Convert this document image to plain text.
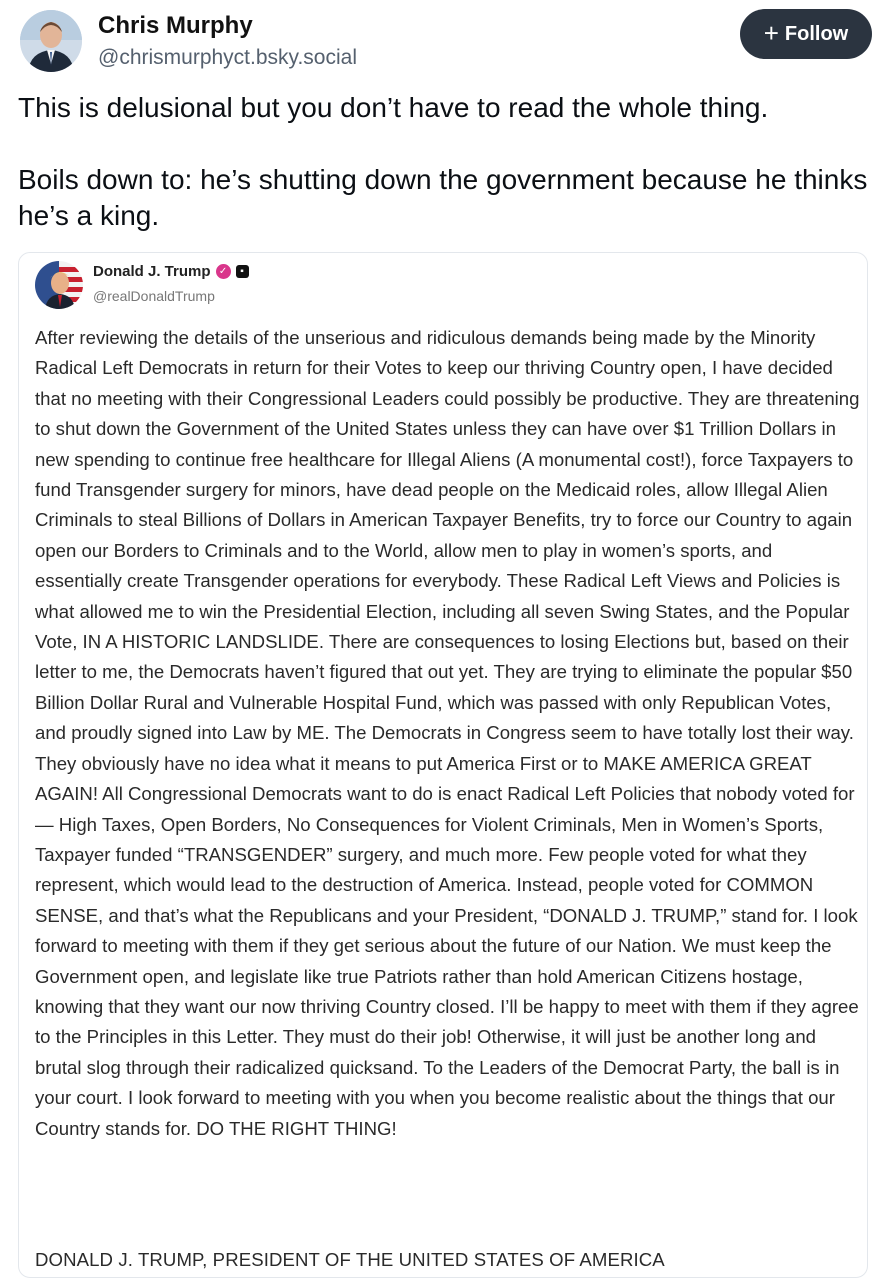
Chris Murphy
@chrismurphyct.bsky.social
+ Follow

This is delusional but you don’t have to read the whole thing.

Boils down to: he’s shutting down the government because he thinks he’s a king.

Donald J. Trump ✓	▪
@realDonaldTrump
After reviewing the details of the unserious and ridiculous demands being made by the Minority Radical Left Democrats in return for their Votes to keep our thriving Country open, I have decided that no meeting with their Congressional Leaders could possibly be productive. They are threatening to shut down the Government of the United States unless they can have over $1 Trillion Dollars in new spending to continue free healthcare for Illegal Aliens (A monumental cost!), force Taxpayers to fund Transgender surgery for minors, have dead people on the Medicaid roles, allow Illegal Alien Criminals to steal Billions of Dollars in American Taxpayer Benefits, try to force our Country to again open our Borders to Criminals and to the World, allow men to play in women’s sports, and essentially create Transgender operations for everybody. These Radical Left Views and Policies is what allowed me to win the Presidential Election, including all seven Swing States, and the Popular Vote, IN A HISTORIC LANDSLIDE. There are consequences to losing Elections but, based on their letter to me, the Democrats haven’t figured that out yet. They are trying to eliminate the popular $50 Billion Dollar Rural and Vulnerable Hospital Fund, which was passed with only Republican Votes, and proudly signed into Law by ME. The Democrats in Congress seem to have totally lost their way. They obviously have no idea what it means to put America First or to MAKE AMERICA GREAT AGAIN! All Congressional Democrats want to do is enact Radical Left Policies that nobody voted for — High Taxes, Open Borders, No Consequences for Violent Criminals, Men in Women’s Sports, Taxpayer funded “TRANSGENDER” surgery, and much more. Few people voted for what they represent, which would lead to the destruction of America. Instead, people voted for COMMON SENSE, and that’s what the Republicans and your President, “DONALD J. TRUMP,” stand for. I look forward to meeting with them if they get serious about the future of our Nation. We must keep the Government open, and legislate like true Patriots rather than hold American Citizens hostage, knowing that they want our now thriving Country closed. I’ll be happy to meet with them if they agree to the Principles in this Letter. They must do their job! Otherwise, it will just be another long and brutal slog through their radicalized quicksand. To the Leaders of the Democrat Party, the ball is in your court. I look forward to meeting with you when you become realistic about the things that our Country stands for. DO THE RIGHT THING!
DONALD J. TRUMP, PRESIDENT OF THE UNITED STATES OF AMERICA
